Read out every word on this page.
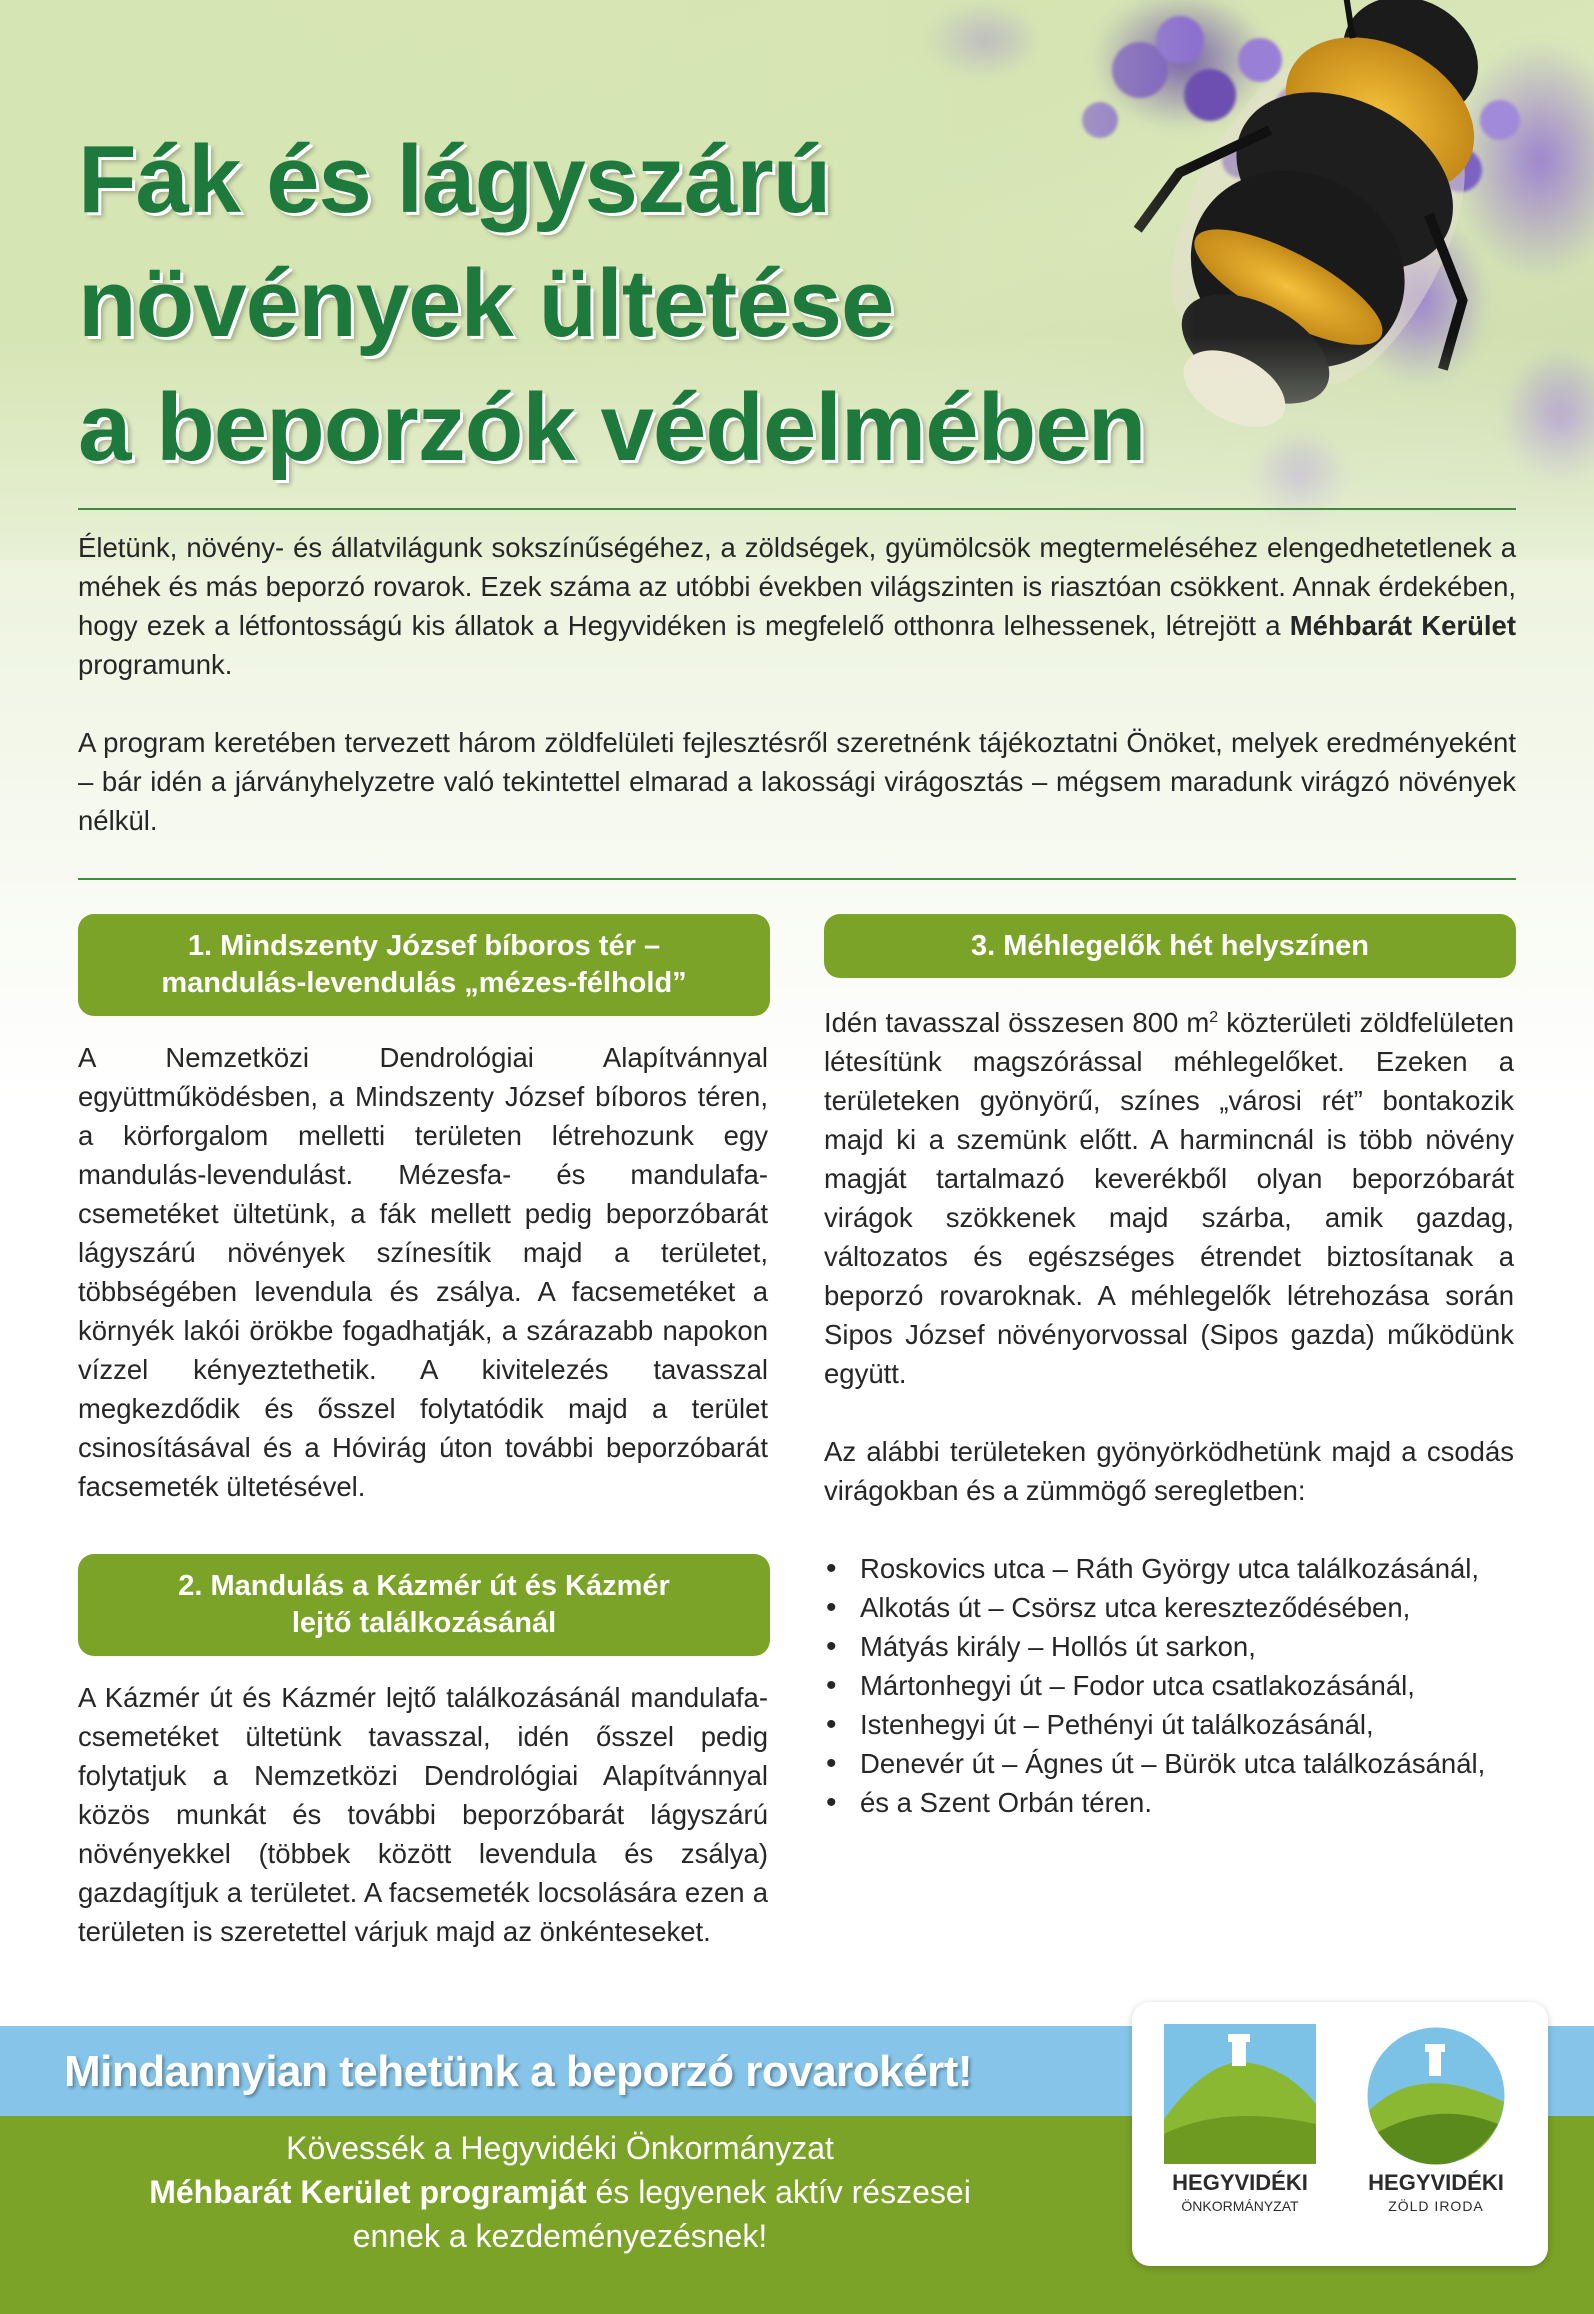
Fák és lágyszárú
növények ültetése
a beporzók védelmében

Életünk, növény- és állatvilágunk sokszínűségéhez, a zöldségek, gyümölcsök megtermeléséhez elengedhetetlenek a méhek és más beporzó rovarok. Ezek száma az utóbbi években világszinten is riasztóan csökkent. Annak érdekében, hogy ezek a létfontosságú kis állatok a Hegyvidéken is megfelelő otthonra lelhessenek, létrejött a Méhbarát Kerület programunk.

A program keretében tervezett három zöldfelületi fejlesztésről szeretnénk tájékoztatni Önöket, melyek eredményeként – bár idén a járványhelyzetre való tekintettel elmarad a lakossági virágosztás – mégsem maradunk virágzó növények nélkül.

1. Mindszenty József bíboros tér –
mandulás-levendulás „mézes-félhold”

A Nemzetközi Dendrológiai Alapítvánnyal együttműködésben, a Mindszenty József bíboros téren, a körforgalom melletti területen létrehozunk egy mandulás-levendulást. Mézesfa- és mandulafa-csemetéket ültetünk, a fák mellett pedig beporzóbarát lágyszárú növények színesítik majd a területet, többségében levendula és zsálya. A facsemetéket a környék lakói örökbe fogadhatják, a szárazabb napokon vízzel kényeztethetik. A kivitelezés tavasszal megkezdődik és ősszel folytatódik majd a terület csinosításával és a Hóvirág úton további beporzóbarát facsemeték ültetésével.

2. Mandulás a Kázmér út és Kázmér
lejtő találkozásánál

A Kázmér út és Kázmér lejtő találkozásánál mandulafa-csemetéket ültetünk tavasszal, idén ősszel pedig folytatjuk a Nemzetközi Dendrológiai Alapítvánnyal közös munkát és további beporzóbarát lágyszárú növényekkel (többek között levendula és zsálya) gazdagítjuk a területet. A facsemeték locsolására ezen a területen is szeretettel várjuk majd az önkénteseket.

3. Méhlegelők hét helyszínen

Idén tavasszal összesen 800 $m^2$ közterületi zöldfelületen létesítünk magszórással méhlegelőket. Ezeken a területeken gyönyörű, színes „városi rét” bontakozik majd ki a szemünk előtt. A harmincnál is több növény magját tartalmazó keverékből olyan beporzóbarát virágok szökkenek majd szárba, amik gazdag, változatos és egészséges étrendet biztosítanak a beporzó rovaroknak. A méhlegelők létrehozása során Sipos József növényorvossal (Sipos gazda) működünk együtt.

Az alábbi területeken gyönyörködhetünk majd a csodás virágokban és a zümmögő seregletben:

• Roskovics utca – Ráth György utca találkozásánál,
• Alkotás út – Csörsz utca kereszteződésében,
• Mátyás király – Hollós út sarkon,
• Mártonhegyi út – Fodor utca csatlakozásánál,
• Istenhegyi út – Pethényi út találkozásánál,
• Denevér út – Ágnes út – Bürök utca találkozásánál,
• és a Szent Orbán téren.
Mindannyian tehetünk a beporzó rovarokért!
Kövessék a Hegyvidéki Önkormányzat
Méhbarát Kerület programját és legyenek aktív részesei
ennek a kezdeményezésnek!
HEGYVIDÉKI
ÖNKORMÁNYZAT
HEGYVIDÉKI
ZÖLD IRODA
